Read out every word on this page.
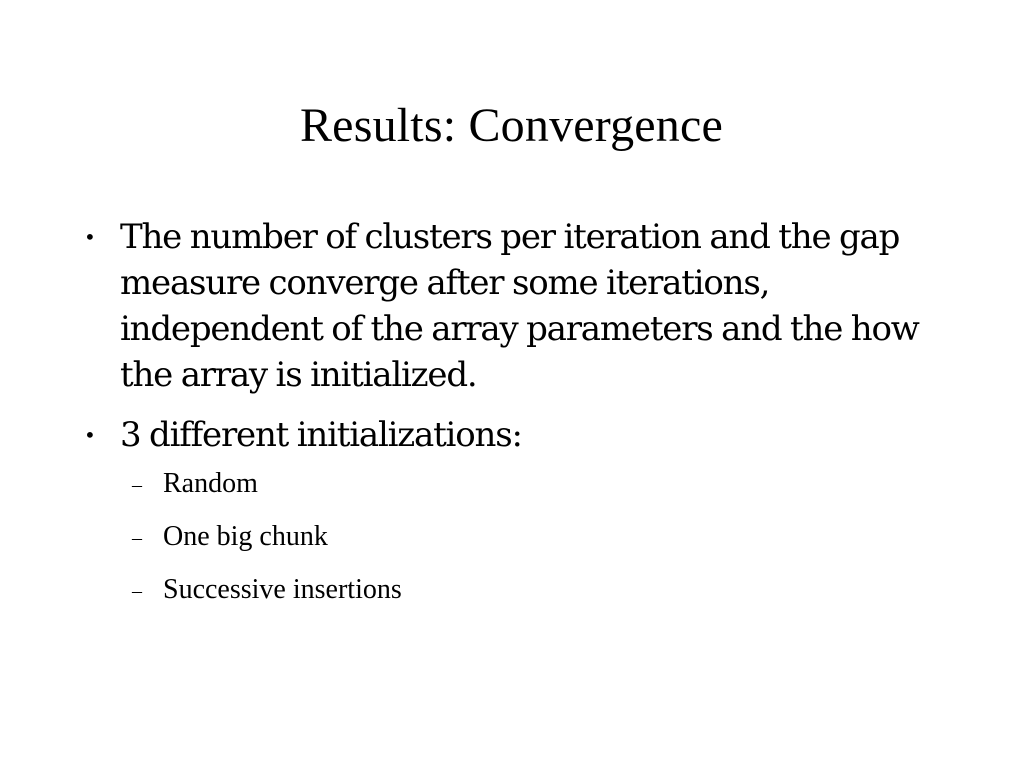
Results: Convergence
• The number of clusters per iteration and the gap measure converge after some iterations, independent of the array parameters and the how the array is initialized.
• 3 different initializations:
– Random
– One big chunk
– Successive insertions
